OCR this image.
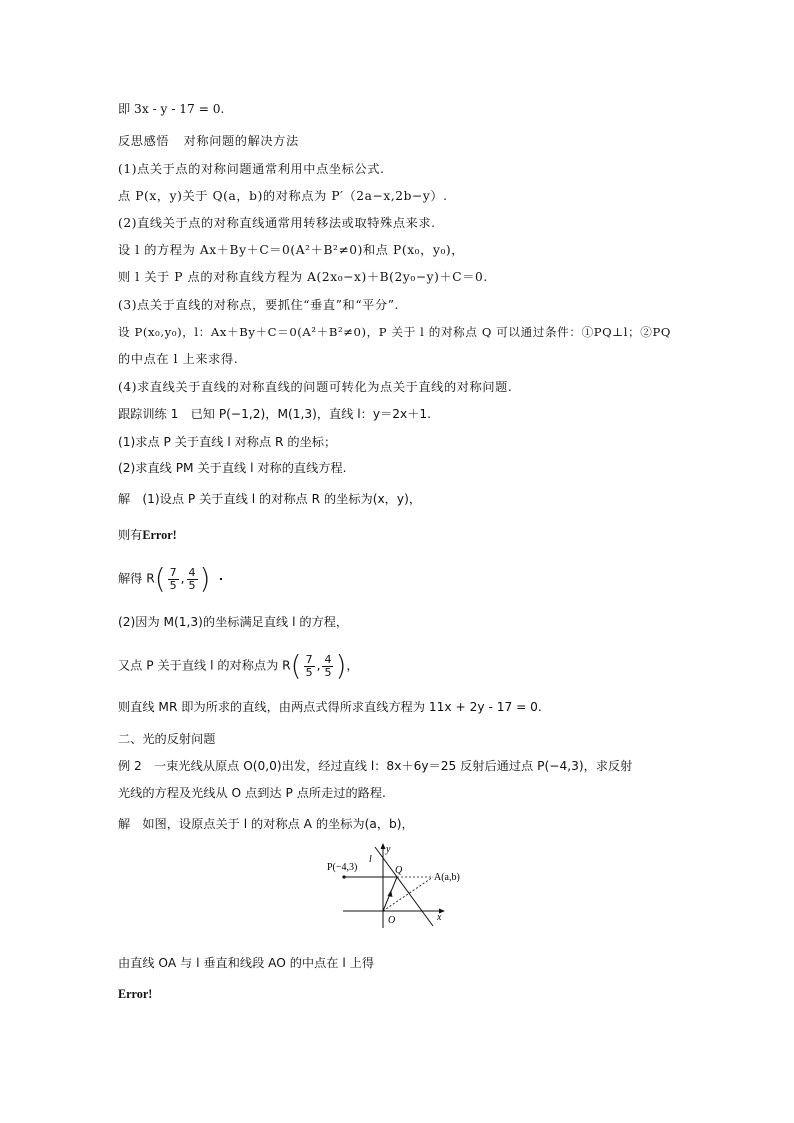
即 3x - y - 17 = 0.
反思感悟 对称问题的解决方法
(1)点关于点的对称问题通常利用中点坐标公式.
点 P(x，y)关于 Q(a，b)的对称点为 P′（2a−x,2b−y）.
(2)直线关于点的对称直线通常用转移法或取特殊点来求.
设 l 的方程为 Ax＋By＋C＝0(A²＋B²≠0)和点 P(x₀，y₀)，
则 l 关于 P 点的对称直线方程为 A(2x₀−x)＋B(2y₀−y)＋C＝0.
(3)点关于直线的对称点，要抓住“垂直”和“平分”.
设 P(x₀,y₀)，l：Ax＋By＋C＝0(A²＋B²≠0)，P 关于 l 的对称点 Q 可以通过条件：①PQ⊥l；②PQ
的中点在 l 上来求得.
(4)求直线关于直线的对称直线的问题可转化为点关于直线的对称问题.
跟踪训练 1　已知 P(−1,2)，M(1,3)，直线 l：y＝2x＋1.
(1)求点 P 关于直线 l 对称点 R 的坐标；
(2)求直线 PM 关于直线 l 对称的直线方程.
解　(1)设点 P 关于直线 l 的对称点 R 的坐标为(x，y)，
则有Error!
解得 $R( \frac{7}{5}$ , $\frac{4}{5}$ )
(2)因为 M(1,3)的坐标满足直线 l 的方程，
又点 P 关于直线 l 的对称点为 $R( \frac{7}{5}$ , $\frac{4}{5}$ )，
则直线 MR 即为所求的直线，由两点式得所求直线方程为 11x + 2y - 17 = 0.
二、光的反射问题
例 2　一束光线从原点 O(0,0)出发，经过直线 l：8x＋6y＝25 反射后通过点 P(−4,3)，求反射
光线的方程及光线从 O 点到达 P 点所走过的路程.
解　如图，设原点关于 l 的对称点 A 的坐标为(a，b)，
P(−4,3)
l
y
Q
A(a,b)
O	x
由直线 OA 与 l 垂直和线段 AO 的中点在 l 上得
Error!
